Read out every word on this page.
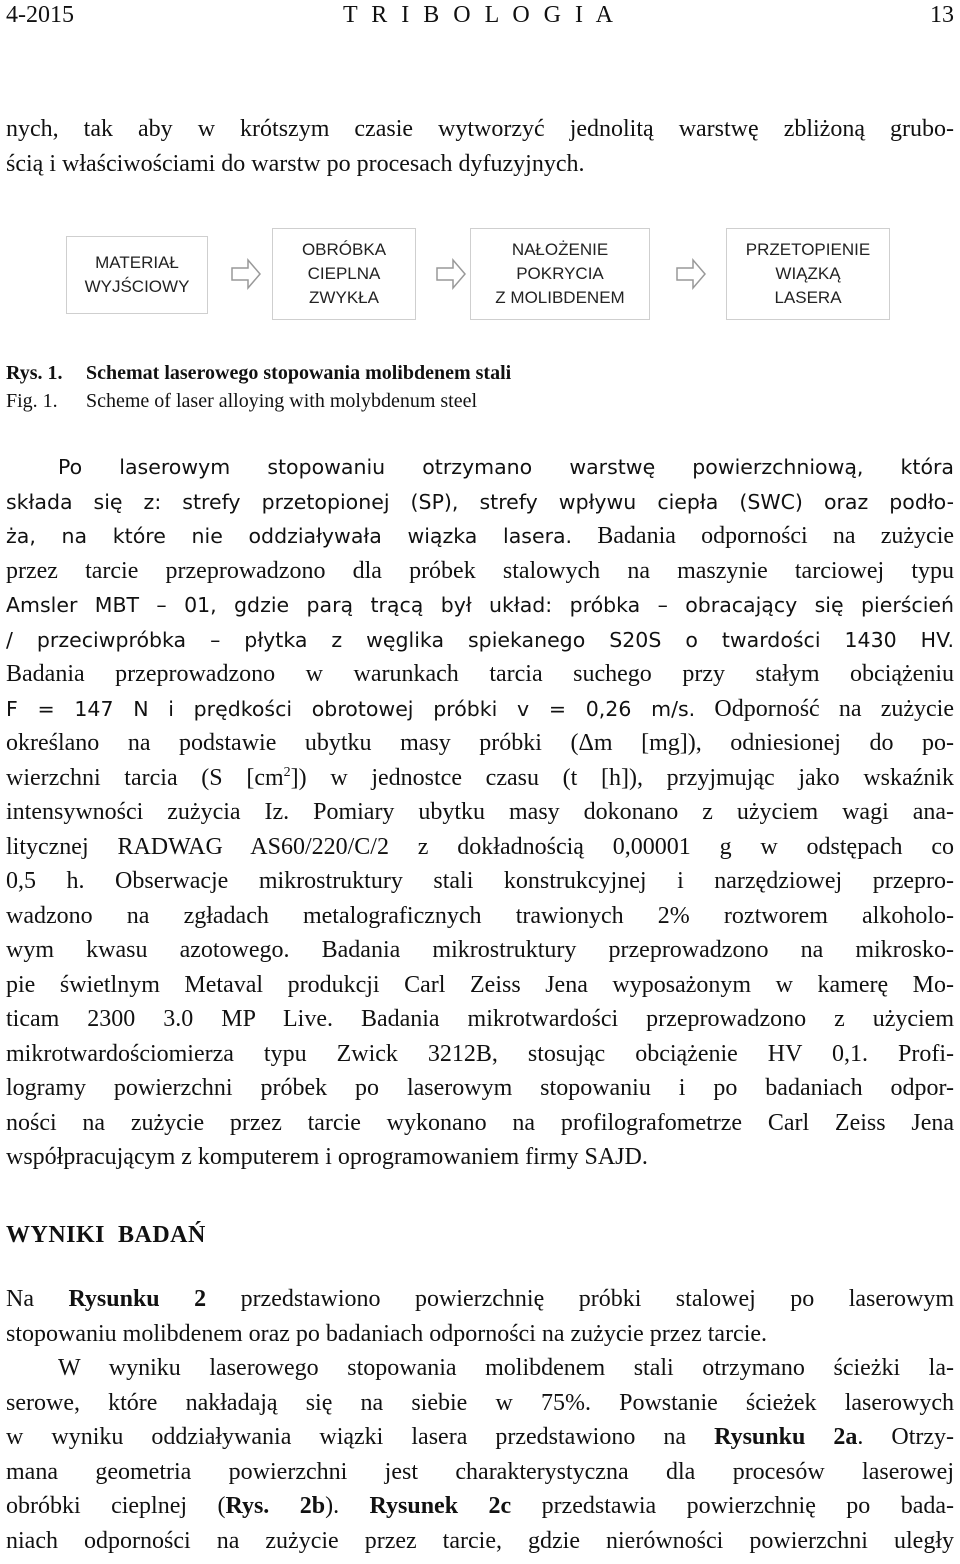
4-2015	T R I B O L O G I A	13
nych, tak aby w krótszym czasie wytworzyć jednolitą warstwę zbliżoną grubo-
ścią i właściwościami do warstw po procesach dyfuzyjnych.
MATERIAŁ
WYJŚCIOWY
OBRÓBKA
CIEPLNA
ZWYKŁA
NAŁOŻENIE
POKRYCIA
Z MOLIBDENEM
PRZETOPIENIE
WIĄZKĄ
LASERA
Rys. 1. Schemat laserowego stopowania molibdenem stali
Fig. 1. Scheme of laser alloying with molybdenum steel
Po laserowym stopowaniu otrzymano warstwę powierzchniową, która
składa się z: strefy przetopionej (SP), strefy wpływu ciepła (SWC) oraz podło-
ża, na które nie oddziaływała wiązka lasera. Badania odporności na zużycie
przez tarcie przeprowadzono dla próbek stalowych na maszynie tarciowej typu
Amsler MBT – 01, gdzie parą trącą był układ: próbka – obracający się pierścień
/ przeciwpróbka – płytka z węglika spiekanego S20S o twardości 1430 HV.
Badania przeprowadzono w warunkach tarcia suchego przy stałym obciążeniu
F = 147 N i prędkości obrotowej próbki v = 0,26 m/s. Odporność na zużycie
określano na podstawie ubytku masy próbki (Δm [mg]), odniesionej do po-
wierzchni tarcia (S $[cm^2]$) w jednostce czasu (t [h]), przyjmując jako wskaźnik
intensywności zużycia Iz. Pomiary ubytku masy dokonano z użyciem wagi ana-
litycznej RADWAG AS60/220/C/2 z dokładnością 0,00001 g w odstępach co
0,5 h. Obserwacje mikrostruktury stali konstrukcyjnej i narzędziowej przepro-
wadzono na zgładach metalograficznych trawionych 2% roztworem alkoholo-
wym kwasu azotowego. Badania mikrostruktury przeprowadzono na mikrosko-
pie świetlnym Metaval produkcji Carl Zeiss Jena wyposażonym w kamerę Mo-
ticam 2300 3.0 MP Live. Badania mikrotwardości przeprowadzono z użyciem
mikrotwardościomierza typu Zwick 3212B, stosując obciążenie HV 0,1. Profi-
logramy powierzchni próbek po laserowym stopowaniu i po badaniach odpor-
ności na zużycie przez tarcie wykonano na profilografometrze Carl Zeiss Jena
współpracującym z komputerem i oprogramowaniem firmy SAJD.
WYNIKI  BADAŃ
Na Rysunku 2 przedstawiono powierzchnię próbki stalowej po laserowym
stopowaniu molibdenem oraz po badaniach odporności na zużycie przez tarcie.
W wyniku laserowego stopowania molibdenem stali otrzymano ścieżki la-
serowe, które nakładają się na siebie w 75%. Powstanie ścieżek laserowych
w wyniku oddziaływania wiązki lasera przedstawiono na Rysunku 2a. Otrzy-
mana geometria powierzchni jest charakterystyczna dla procesów laserowej
obróbki cieplnej (Rys. 2b). Rysunek 2c przedstawia powierzchnię po bada-
niach odporności na zużycie przez tarcie, gdzie nierówności powierzchni uległy
